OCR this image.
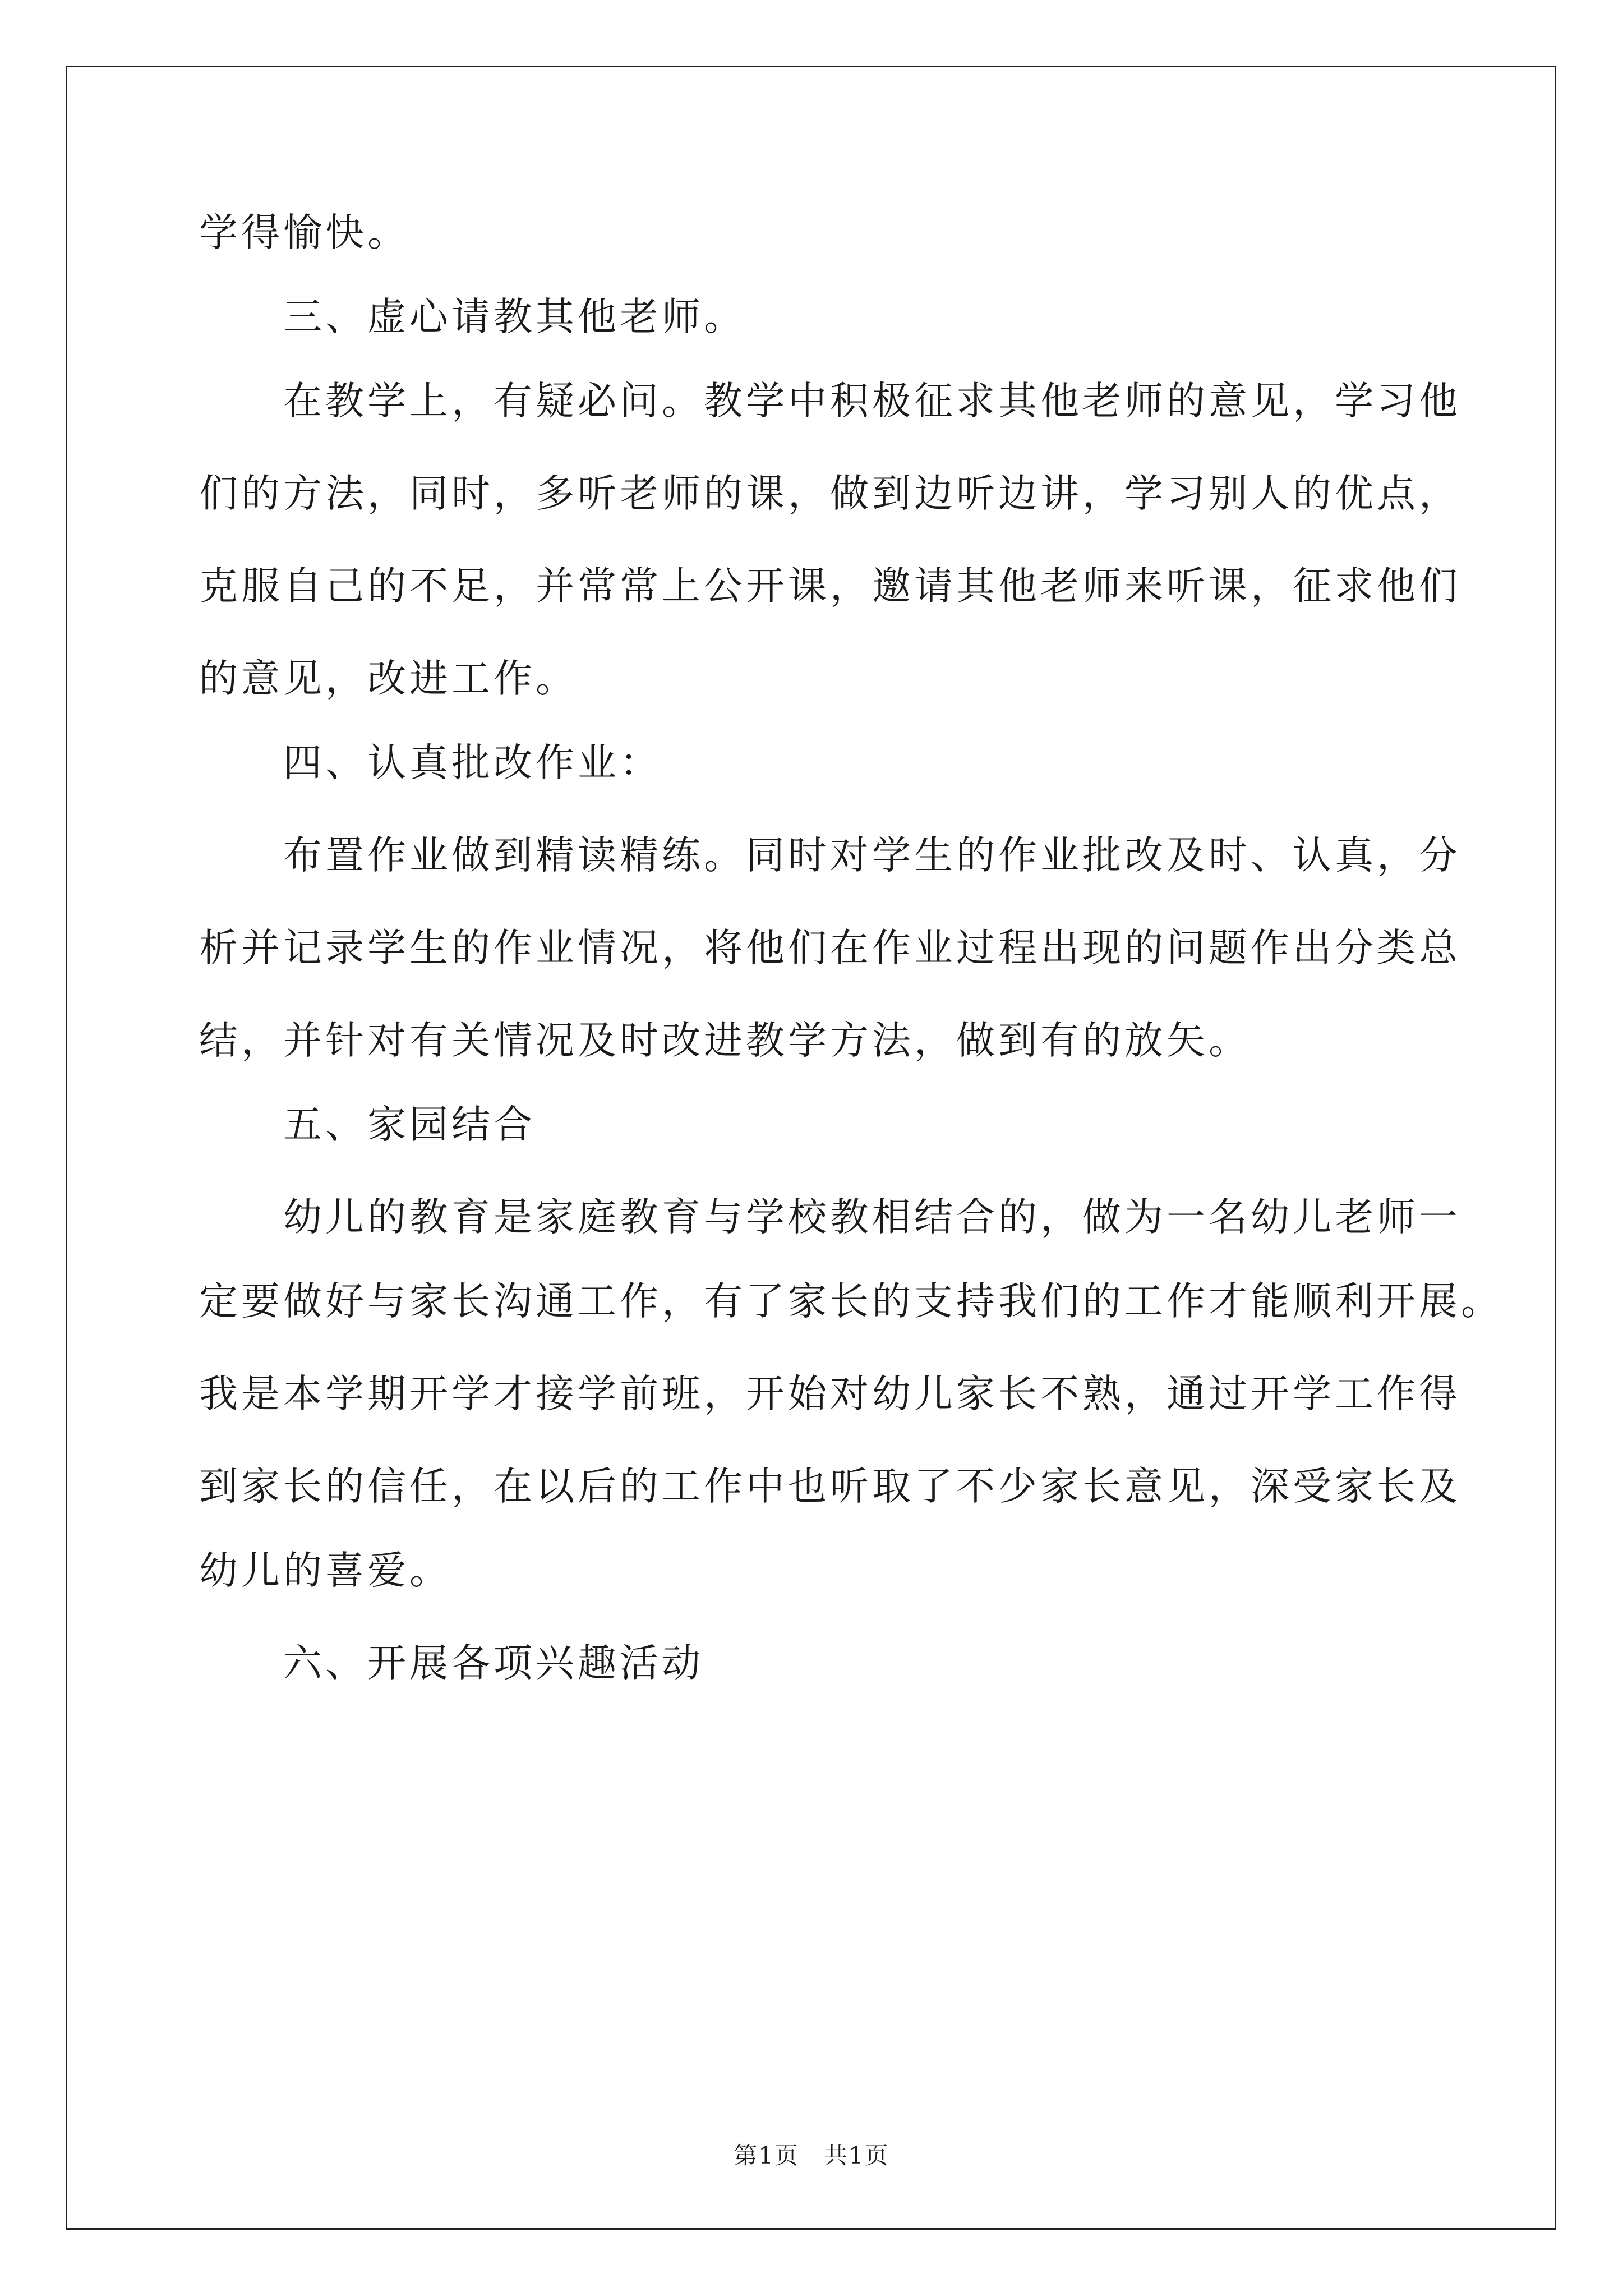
学得愉快。
三、虚心请教其他老师。
在教学上，有疑必问。教学中积极征求其他老师的意见，学习他
们的方法，同时，多听老师的课，做到边听边讲，学习别人的优点，
克服自己的不足，并常常上公开课，邀请其他老师来听课，征求他们
的意见，改进工作。
四、认真批改作业：
布置作业做到精读精练。同时对学生的作业批改及时、认真，分
析并记录学生的作业情况，将他们在作业过程出现的问题作出分类总
结，并针对有关情况及时改进教学方法，做到有的放矢。
五、家园结合
幼儿的教育是家庭教育与学校教相结合的，做为一名幼儿老师一
定要做好与家长沟通工作，有了家长的支持我们的工作才能顺利开展。
我是本学期开学才接学前班，开始对幼儿家长不熟，通过开学工作得
到家长的信任，在以后的工作中也听取了不少家长意见，深受家长及
幼儿的喜爱。
六、开展各项兴趣活动
第1页　共1页
